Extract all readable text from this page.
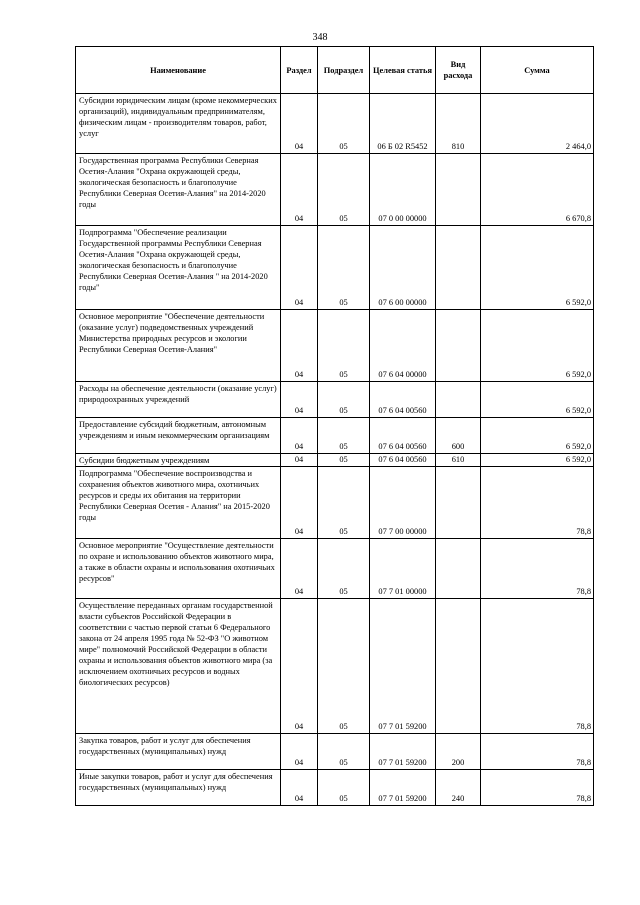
348
Наименование	Раздел	Подраздел	Целевая статья	Вид расхода	Сумма
Субсидии юридическим лицам (кроме некоммерческих организаций), индивидуальным предпринимателям, физическим лицам - производителям товаров, работ, услуг	04	05	06 Б 02 R5452	810	2 464,0
Государственная программа Республики Северная Осетия-Алания "Охрана окружающей среды, экологическая безопасность и благополучие Республики Северная Осетия-Алания" на 2014-2020 годы	04	05	07 0 00 00000		6 670,8
Подпрограмма "Обеспечение реализации Государственной программы Республики Северная Осетия-Алания "Охрана окружающей среды, экологическая безопасность и благополучие Республики Северная Осетия-Алания " на 2014-2020 годы"	04	05	07 6 00 00000		6 592,0
Основное мероприятие "Обеспечение деятельности (оказание услуг) подведомственных учреждений Министерства природных ресурсов и экологии Республики Северная Осетия-Алания"	04	05	07 6 04 00000		6 592,0
Расходы на обеспечение деятельности (оказание услуг) природоохранных учреждений	04	05	07 6 04 00560		6 592,0
Предоставление субсидий бюджетным, автономным учреждениям и иным некоммерческим организациям	04	05	07 6 04 00560	600	6 592,0
Субсидии бюджетным учреждениям	04	05	07 6 04 00560	610	6 592,0
Подпрограмма "Обеспечение воспроизводства и сохранения объектов животного мира, охотничьих ресурсов и среды их обитания на территории Республики Северная Осетия - Алания" на 2015-2020 годы	04	05	07 7 00 00000		78,8
Основное мероприятие "Осуществление деятельности по охране и использованию объектов животного мира, а также в области охраны и использования охотничьих ресурсов"	04	05	07 7 01 00000		78,8
Осуществление переданных органам государственной власти субъектов Российской Федерации в соответствии с частью первой статьи 6 Федерального закона от 24 апреля 1995 года № 52-ФЗ "О животном мире" полномочий Российской Федерации в области охраны и использования объектов животного мира (за исключением охотничьих ресурсов и водных биологических ресурсов)	04	05	07 7 01 59200		78,8
Закупка товаров, работ и услуг для обеспечения государственных (муниципальных) нужд	04	05	07 7 01 59200	200	78,8
Иные закупки товаров, работ и услуг для обеспечения государственных (муниципальных) нужд	04	05	07 7 01 59200	240	78,8
